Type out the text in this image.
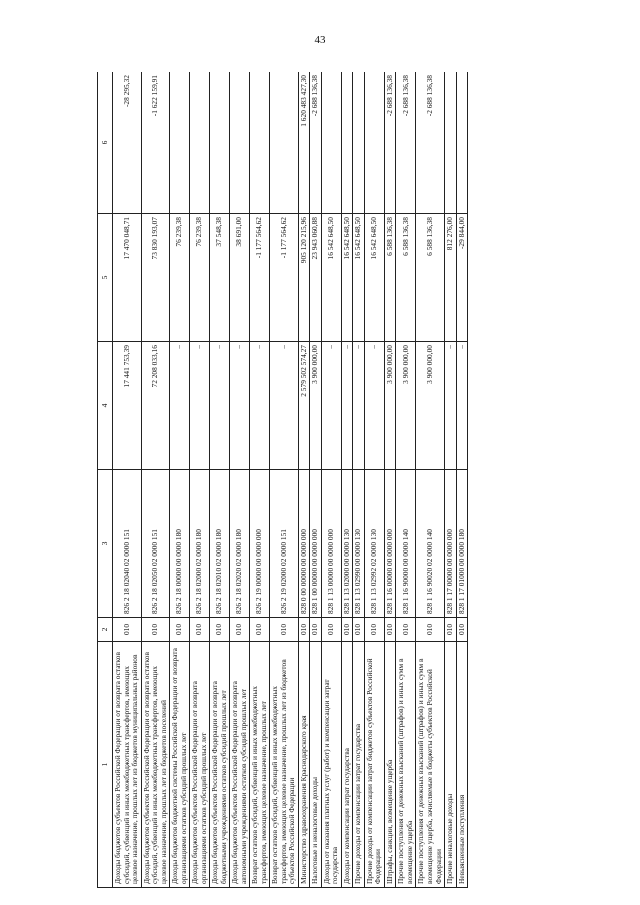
43
1	2	3	4	5	6
Доходы бюджетов субъектов Российской Федерации от возврата остатков субсидий, субвенций и иных межбюджетных трансфертов, имеющих целевое назначение, прошлых лет из бюджетов муниципальных районов	010	826 2 18 02040 02 0000 151	17 441 753,39	17 470 048,71	-28 295,32
Доходы бюджетов субъектов Российской Федерации от возврата остатков субсидий, субвенций и иных межбюджетных трансфертов, имеющих целевое назначение, прошлых лет из бюджетов поселений	010	826 2 18 02050 02 0000 151	72 208 033,16	73 830 193,07	-1 622 159,91
Доходы бюджетов бюджетной системы Российской Федерации от возврата организациями остатков субсидий прошлых лет	010	826 2 18 00000 00 0000 180	–	76 239,38	
Доходы бюджетов субъектов Российской Федерации от возврата организациями остатков субсидий прошлых лет	010	826 2 18 02000 02 0000 180	–	76 239,38	
Доходы бюджетов субъектов Российской Федерации от возврата бюджетными учреждениями остатков субсидий прошлых лет	010	826 2 18 02010 02 0000 180	–	37 548,38	
Доходы бюджетов субъектов Российской Федерации от возврата автономными учреждениями остатков субсидий прошлых лет	010	826 2 18 02020 02 0000 180	–	38 691,00	
Возврат остатков субсидий, субвенций и иных межбюджетных трансфертов, имеющих целевое назначение, прошлых лет	010	826 2 19 00000 00 0000 000	–	-1 177 564,62	
Возврат остатков субсидий, субвенций и иных межбюджетных трансфертов, имеющих целевое назначение, прошлых лет из бюджетов субъектов Российской Федерации	010	826 2 19 02000 02 0000 151	–	-1 177 564,62	
Министерство здравоохранения Краснодарского края	010	828 0 00 00000 00 0000 000	2 579 502 574,27	905 120 215,96	1 620 483 427,30
Налоговые и неналоговые доходы	010	828 1 00 00000 00 0000 000	3 900 000,00	23 943 060,88	-2 688 136,38
Доходы от оказания платных услуг (работ) и компенсации затрат государства	010	828 1 13 00000 00 0000 000	–	16 542 648,50	
Доходы от компенсации затрат государства	010	828 1 13 02000 00 0000 130	–	16 542 648,50	
Прочие доходы от компенсации затрат государства	010	828 1 13 02990 00 0000 130	–	16 542 648,50	
Прочие доходы от компенсации затрат бюджетов субъектов Российской Федерации	010	828 1 13 02992 02 0000 130	–	16 542 648,50	
Штрафы, санкции, возмещение ущерба	010	828 1 16 00000 00 0000 000	3 900 000,00	6 588 136,38	-2 688 136,38
Прочие поступления от денежных взысканий (штрафов) и иных сумм в возмещение ущерба	010	828 1 16 90000 00 0000 140	3 900 000,00	6 588 136,38	-2 688 136,38
Прочие поступления от денежных взысканий (штрафов) и иных сумм в возмещение ущерба, зачисляемые в бюджеты субъектов Российской Федерации	010	828 1 16 90020 02 0000 140	3 900 000,00	6 588 136,38	-2 688 136,38
Прочие неналоговые доходы	010	828 1 17 00000 00 0000 000	–	812 276,00	
Невыясненные поступления	010	828 1 17 01000 00 0000 180	–	-29 844,00	
